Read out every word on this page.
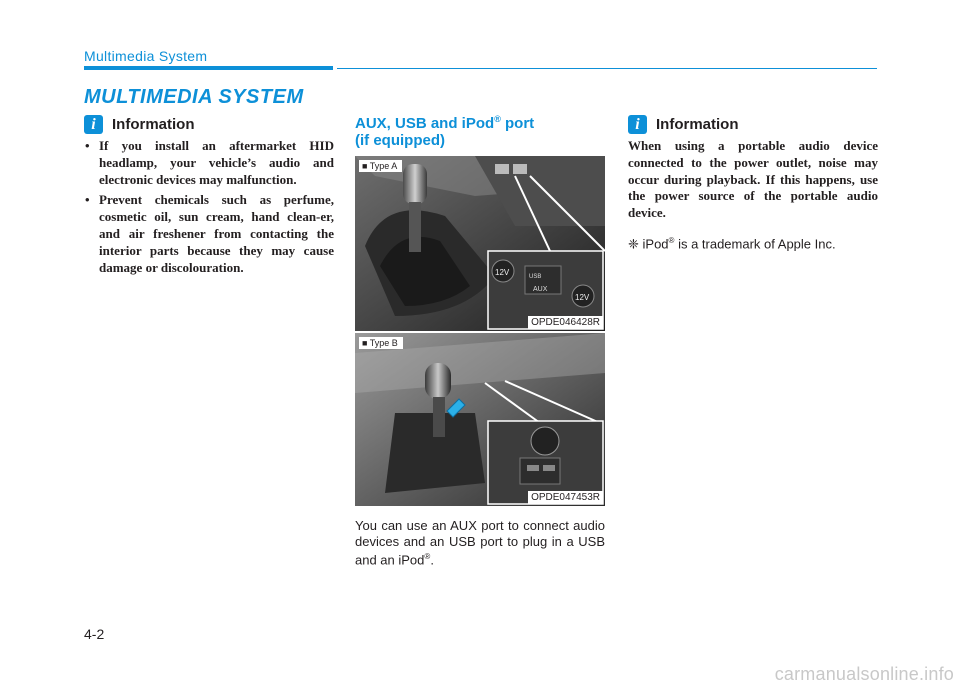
Multimedia System
MULTIMEDIA SYSTEM
i	Information
• If you install an aftermarket HID headlamp, your vehicle’s audio and electronic devices may malfunction.
• Prevent chemicals such as perfume, cosmetic oil, sun cream, hand clean-er, and air freshener from contacting the interior parts because they may cause damage or discolouration.
AUX, USB and iPod® port
(if equipped)
12V
AUX
USB
12V
■ Type A
OPDE046428R
■ Type B
OPDE047453R

You can use an AUX port to connect audio devices and an USB port to plug in a USB and an iPod®.

i	Information

When using a portable audio device connected to the power outlet, noise may occur during playback. If this happens, use the power source of the portable audio device.

❈ iPod® is a trademark of Apple Inc.

4-2
carmanualsonline.info
